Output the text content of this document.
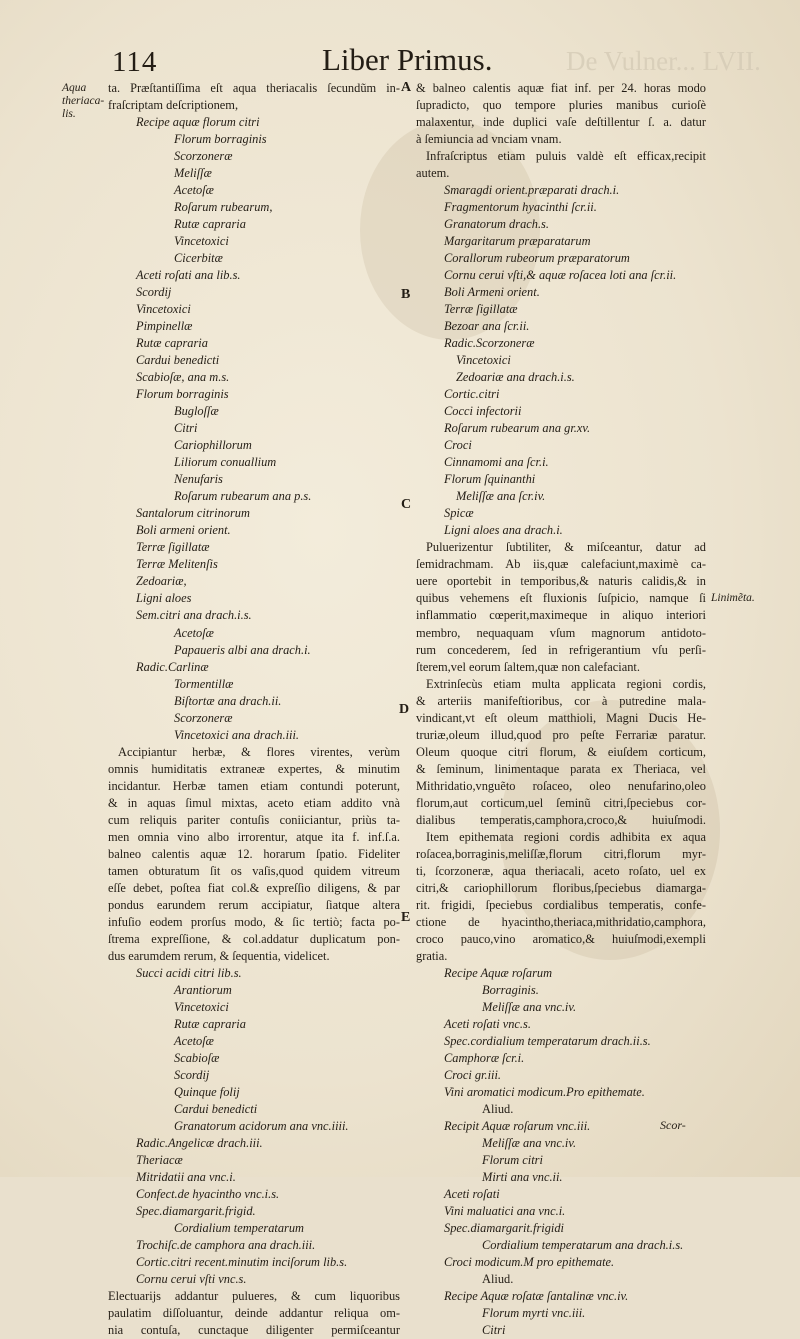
De Vulner... LVII.
114	Liber Primus.
Aqua
theriaca-
lis.
Linimẽta.
A
B
C
D
E
ta. Præſtantiſſima eſt aqua theriacalis ſecundũm in-
fraſcriptam deſcriptionem,
Recipe aquæ florum citri
Florum borraginis
Scorzoneræ
Meliſſæ
Acetoſæ
Roſarum rubearum,
Rutæ capraria
Vincetoxici
Cicerbitæ
Aceti roſati ana lib.s.
Scordij
Vincetoxici
Pimpinellæ
Rutæ capraria
Cardui benedicti
Scabioſæ, ana m.s.
Florum borraginis
Bugloſſæ
Citri
Cariophillorum
Liliorum conuallium
Nenufaris
Roſarum rubearum ana p.s.
Santalorum citrinorum
Boli armeni orient.
Terræ ſigillatæ
Terræ Melitenſis
Zedoariæ,
Ligni aloes
Sem.citri ana drach.i.s.
Acetoſæ
Papaueris albi ana drach.i.
Radic.Carlinæ
Tormentillæ
Biſtortæ ana drach.ii.
Scorzoneræ
Vincetoxici ana drach.iii.
Accipiantur herbæ, & flores virentes, verùm
omnis humiditatis extraneæ expertes, & minutim
incidantur. Herbæ tamen etiam contundi poterunt,
& in aquas ſimul mixtas, aceto etiam addito vnà
cum reliquis pariter contuſis coniiciantur, priùs ta-
men omnia vino albo irrorentur, atque ita f. inf.ſ.a.
balneo calentis aquæ 12. horarum ſpatio. Fideliter
tamen obturatum ſit os vaſis,quod quidem vitreum
eſſe debet, poſtea fiat col.& expreſſio diligens, & par
pondus earundem rerum accipiatur, ſiatque altera
infuſio eodem prorſus modo, & ſic tertiò; facta po-
ſtrema expreſſione, & col.addatur duplicatum pon-
dus earumdem rerum, & ſequentia, videlicet.
Succi acidi citri lib.s.
Arantiorum
Vincetoxici
Rutæ capraria
Acetoſæ
Scabioſæ
Scordij
Quinque folij
Cardui benedicti
Granatorum acidorum ana vnc.iiii.
Radic.Angelicæ drach.iii.
Theriacæ
Mitridatii ana vnc.i.
Confect.de hyacintho vnc.i.s.
Spec.diamargarit.frigid.
Cordialium temperatarum
Trochiſc.de camphora ana drach.iii.
Cortic.citri recent.minutim inciſorum lib.s.
Cornu cerui vſti vnc.s.
Electuarijs addantur pulueres, & cum liquoribus
paulatim diſſoluantur, deinde addantur reliqua om-
nia contuſa, cunctaque diligenter permiſceantur
& balneo calentis aquæ fiat inf. per 24. horas modo
ſupradicto, quo tempore pluries manibus curioſè
malaxentur, inde duplici vaſe deſtillentur ſ. a. datur
à ſemiuncia ad vnciam vnam.
Infraſcriptus etiam puluis valdè eſt efficax,recipit
autem.
Smaragdi orient.præparati drach.i.
Fragmentorum hyacinthi ſcr.ii.
Granatorum drach.s.
Margaritarum præparatarum
Corallorum rubeorum præparatorum
Cornu cerui vſti,& aquæ roſacea loti ana ſcr.ii.
Boli Armeni orient.
Terræ ſigillatæ
Bezoar ana ſcr.ii.
Radic.Scorzoneræ
Vincetoxici
Zedoariæ ana drach.i.s.
Cortic.citri
Cocci infectorii
Roſarum rubearum ana gr.xv.
Croci
Cinnamomi ana ſcr.i.
Florum ſquinanthi
Meliſſæ ana ſcr.iv.
Spicæ
Ligni aloes ana drach.i.
Puluerizentur ſubtiliter, & miſceantur, datur ad
ſemidrachmam. Ab iis,quæ calefaciunt,maximè ca-
uere oportebit in temporibus,& naturis calidis,& in
quibus vehemens eſt fluxionis ſuſpicio, namque ſi
inflammatio cœperit,maximeque in aliquo interiori
membro, nequaquam vſum magnorum antidoto-
rum concederem, ſed in refrigerantium vſu perſi-
ſterem,vel eorum ſaltem,quæ non calefaciant.
Extrinſecùs etiam multa applicata regioni cordis,
& arteriis manifeſtioribus, cor à putredine mala-
vindicant,vt eſt oleum matthioli, Magni Ducis He-
truriæ,oleum illud,quod pro peſte Ferrariæ paratur.
Oleum quoque citri florum, & eiuſdem corticum,
& ſeminum, linimentaque parata ex Theriaca, vel
Mithridatio,vnguẽto roſaceo, oleo nenufarino,oleo
florum,aut corticum,uel ſeminũ citri,ſpeciebus cor-
dialibus temperatis,camphora,croco,& huiuſmodi.
Item epithemata regioni cordis adhibita ex aqua
roſacea,borraginis,meliſſæ,florum citri,florum myr-
ti, ſcorzoneræ, aqua theriacali, aceto roſato, uel ex
citri,& cariophillorum floribus,ſpeciebus diamarga-
rit. frigidi, ſpeciebus cordialibus temperatis, confe-
ctione de hyacintho,theriaca,mithridatio,camphora,
croco pauco,vino aromatico,& huiuſmodi,exempli
gratia.
Recipe Aquæ roſarum
Borraginis.
Meliſſæ ana vnc.iv.
Aceti roſati vnc.s.
Spec.cordialium temperatarum drach.ii.s.
Camphoræ ſcr.i.
Croci gr.iii.
Vini aromatici modicum.Pro epithemate.
Aliud.
Recipit Aquæ roſarum vnc.iii.
Meliſſæ ana vnc.iv.
Florum citri
Mirti ana vnc.ii.
Aceti roſati
Vini maluatici ana vnc.i.
Spec.diamargarit.frigidi
Cordialium temperatarum ana drach.i.s.
Croci modicum.M pro epithemate.
Aliud.
Recipe Aquæ roſatæ ſantalinæ vnc.iv.
Florum myrti vnc.iii.
Citri
Scor-
